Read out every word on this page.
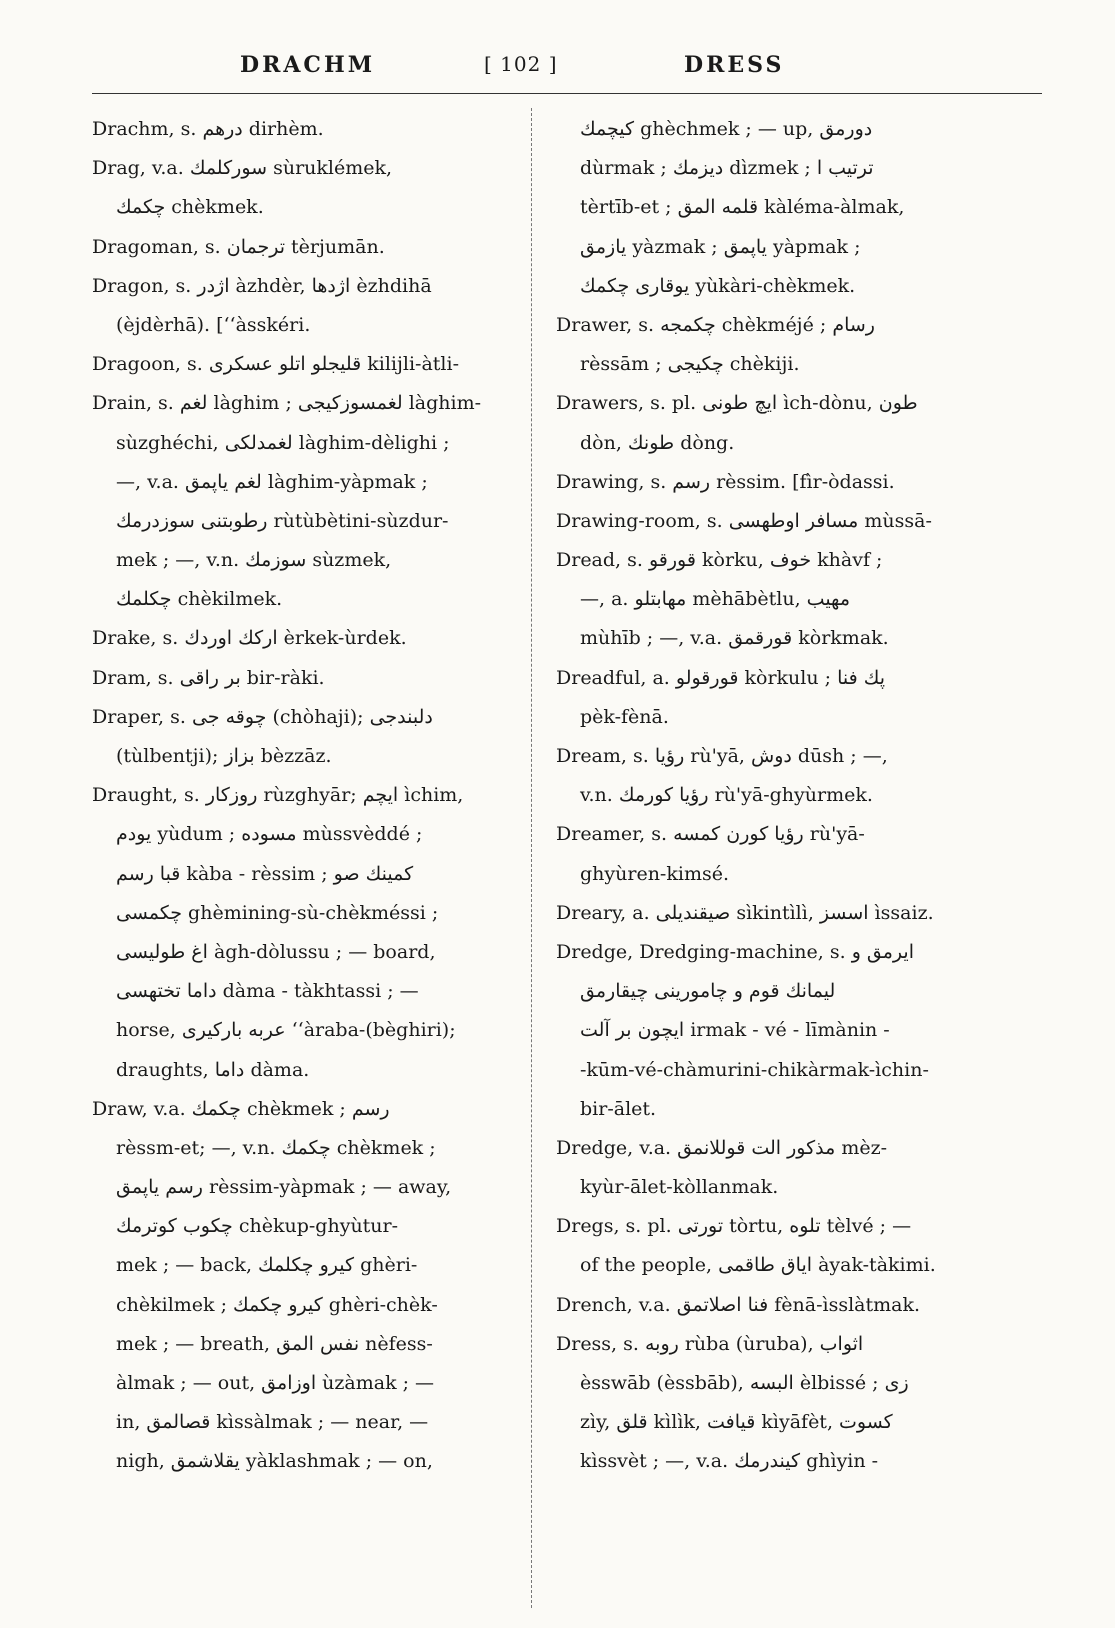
DRACHM	[ 102 ]	DRESS
Drachm, s. درهم dirhèm.
Drag, v.a. سوركلمك sùruklémek,
چكمك chèkmek.
Dragoman, s. ترجمان tèrjumān.
Dragon, s. اژدر àzhdèr, اژدها èzhdihā
(èjdèrhā). [‘‘àsskéri.
Dragoon, s. قلیجلو اتلو عسكری kilijli-àtli-
Drain, s. لغم làghim ; لغمسوزكیجی làghim-
sùzghéchi, لغمدلكی làghim-dèlighi ;
—, v.a. لغم یاپمق làghim-yàpmak ;
رطوبتنی سوزدرمك rùtùbètini-sùzdur-
mek ; —, v.n. سوزمك sùzmek,
چكلمك chèkilmek.
Drake, s. اركك اوردك èrkek-ùrdek.
Dram, s. بر راقی bir-ràki.
Draper, s. چوقه جی (chòhaji); دلبندجی
(tùlbentji); بزاز bèzzāz.
Draught, s. روزكار rùzghyār; ایچم ìchim,
یودم yùdum ; مسوده mùssvèddé ;
قبا رسم kàba - rèssim ; كمینك صو
چكمسی ghèmining-sù-chèkméssi ;
اغ طولیسی àgh-dòlussu ; — board,
داما تختهسی dàma - tàkhtassi ; —
horse, عربه باركیری ‘‘àraba-(bèghiri);
draughts, داما dàma.
Draw, v.a. چكمك chèkmek ; رسم
rèssm-et; —, v.n. چكمك chèkmek ;
رسم یاپمق rèssim-yàpmak ; — away,
چكوب كوترمك chèkup-ghyùtur-
mek ; — back, كیرو چكلمك ghèri-
chèkilmek ; كیرو چكمك ghèri-chèk-
mek ; — breath, نفس المق nèfess-
àlmak ; — out, اوزامق ùzàmak ; —
in, قصالمق kìssàlmak ; — near, —
nigh, یقلاشمق yàklashmak ; — on,
كیچمك ghèchmek ; — up, دورمق
dùrmak ; دیزمك dìzmek ; ترتیب ا
tèrtīb-et ; قلمه المق kàléma-àlmak,
یازمق yàzmak ; یاپمق yàpmak ;
یوقاری چكمك yùkàri-chèkmek.
Drawer, s. چكمجه chèkméjé ; رسام
rèssām ; چكیجی chèkiji.
Drawers, s. pl. ایچ طونی ìch-dònu, طون
dòn, طونك dòng.
Drawing, s. رسم rèssim. [fìr-òdassi.
Drawing-room, s. مسافر اوطهسی mùssā-
Dread, s. قورقو kòrku, خوف khàvf ;
—, a. مهابتلو mèhābètlu, مهیب
mùhīb ; —, v.a. قورقمق kòrkmak.
Dreadful, a. قورقولو kòrkulu ; پك فنا
pèk-fènā.
Dream, s. رؤیا rù'yā, دوش dūsh ; —,
v.n. رؤیا كورمك rù'yā-ghyùrmek.
Dreamer, s. رؤیا كورن كمسه rù'yā-
ghyùren-kimsé.
Dreary, a. صیقندیلی sìkintìlì, اسسز ìssaiz.
Dredge, Dredging-machine, s. ایرمق و
لیمانك قوم و چامورینی چیقارمق
ایچون بر آلت irmak - vé - līmànin -
-kūm-vé-chàmurini-chikàrmak-ìchin-
bir-ālet.
Dredge, v.a. مذكور الت قوللانمق mèz-
kyùr-ālet-kòllanmak.
Dregs, s. pl. تورتی tòrtu, تلوه tèlvé ; —
of the people, ایاق طاقمی àyak-tàkimi.
Drench, v.a. فنا اصلاتمق fènā-ìsslàtmak.
Dress, s. روبه rùba (ùruba), اثواب
èsswāb (èssbāb), البسه èlbissé ; زی
zìy, قلق kìlìk, قیافت kìyāfèt, كسوت
kìssvèt ; —, v.a. كیندرمك ghìyin -
